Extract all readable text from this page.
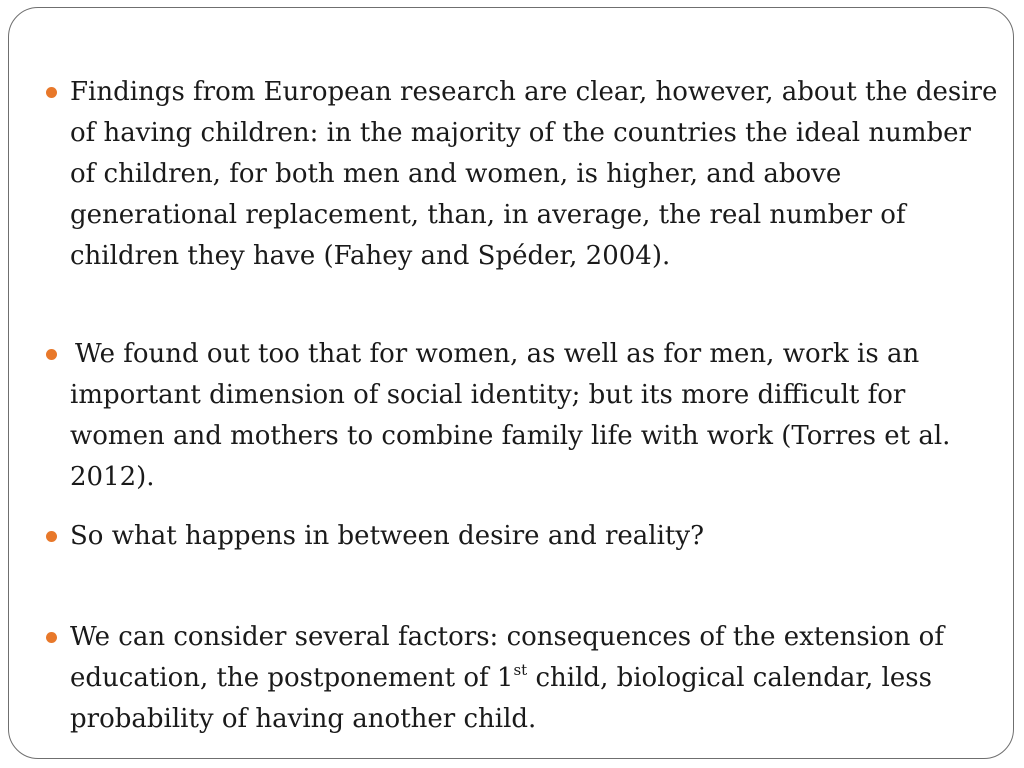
Findings from European research are clear, however, about the desire of having children: in the majority of the countries the ideal number of children, for both men and women, is higher, and above generational replacement, than, in average, the real number of children they have (Fahey and Spéder, 2004).
We found out too that for women, as well as for men, work is an important dimension of social identity; but its more difficult for women and mothers to combine family life with work (Torres et al. 2012).
So what happens in between desire and reality?
We can consider several factors: consequences of the extension of education, the postponement of 1st child, biological calendar, less probability of having another child.
